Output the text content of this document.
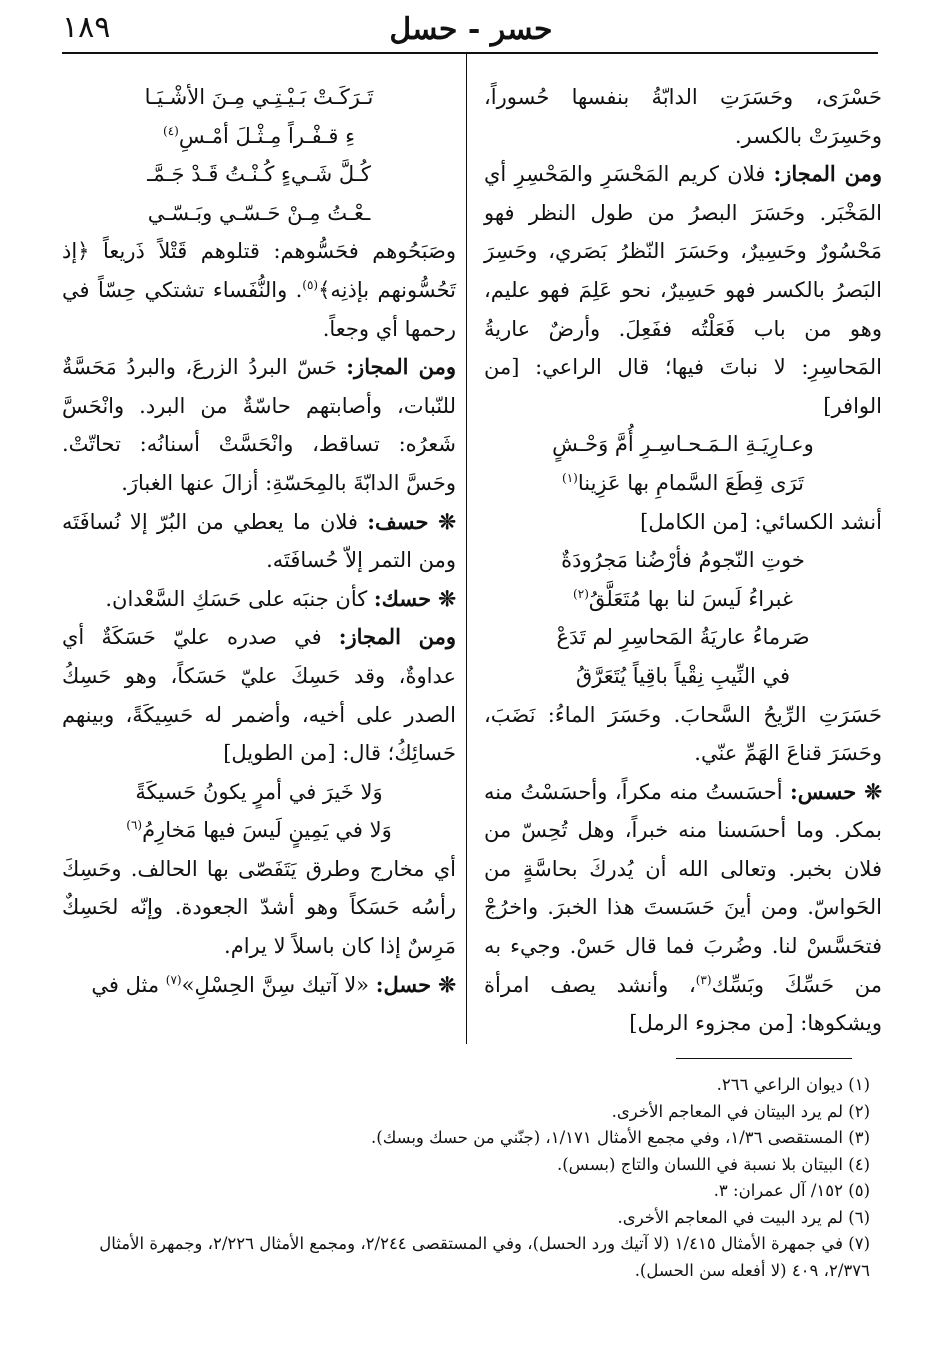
حسر - حسل
١٨٩

حَسْرَى، وحَسَرَتِ الدابّةُ بنفسها حُسوراً، وحَسِرَتْ بالكسر.

ومن المجاز: فلان كريم المَحْسَرِ والمَحْسِرِ أي المَخْبَر. وحَسَرَ البصرُ من طول النظر فهو مَحْسُورٌ وحَسِيرٌ، وحَسَرَ النّظرُ بَصَري، وحَسِرَ البَصرُ بالكسر فهو حَسِيرٌ، نحو عَلِمَ فهو عليم، وهو من باب فَعَلْتُه ففَعِلَ. وأرضٌ عاريةُ المَحاسِرِ: لا نباتَ فيها؛ قال الراعي: [من الوافر]

وعـارِيَـةِ الـمَـحـاسِـرِ أُمَّ وَحْـشٍ
تَرَى قِطَعَ السَّمامِ بها عَزِينا$^{(١)}$

أنشد الكسائي: [من الكامل]

خوتِ النّجومُ فأرْضُنا مَجرُودَةٌ
غبراءُ لَيسَ لنا بها مُتَعَلَّقُ$^{(٢)}$
صَرماءُ عاريَةُ المَحاسِرِ لم تَدَعْ
في النِّيبِ نِقْياً باقِياً يُتَعَرَّقُ

حَسَرَتِ الرِّيحُ السَّحابَ. وحَسَرَ الماءُ: نَضَبَ، وحَسَرَ قناعَ الهَمِّ عنّي.

❊ حسس: أحسَستُ منه مكراً، وأحسَسْتُ منه بمكر. وما أحسَسنا منه خبراً، وهل تُحِسّ من فلان بخبر. وتعالى الله أن يُدركَ بحاسَّةٍ من الحَواسّ. ومن أينَ حَسَستَ هذا الخبرَ. واخرُجْ فتحَسَّسْ لنا. وضُربَ فما قال حَسْ. وجيء به من حَسِّكَ وبَسِّك$^{(٣)}$، وأنشد يصف امرأة ويشكوها: [من مجزوء الرمل]

تَـرَكَـتْ بَـيْـتِـي مِـنَ الأشْـيَـا
ءِ قـفْـراً مِـثْـلَ أمْـسِ$^{(٤)}$
كُـلَّ شَـيءٍ كُـنْـتُ قَـدْ جَـمَّـ
ـعْـتُ مِـنْ حَـسّـي وبَـسّـي

وصَبَحُوهم فحَسُّوهم: قتلوهم قَتْلاً ذَريعاً ﴿إذ تَحُسُّونهم بإذنِه﴾$^{(٥)}$. والنُّفَساء تشتكي حِسّاً في رحمها أي وجعاً.

ومن المجاز: حَسّ البردُ الزرعَ، والبردُ مَحَسَّةٌ للنّبات، وأصابتهم حاسّةٌ من البرد. وانْحَسَّ شَعرُه: تساقط، وانْحَسَّتْ أسنانُه: تحاتّتْ. وحَسَّ الدابّةَ بالمِحَسّةِ: أزالَ عنها الغبارَ.

❊ حسف: فلان ما يعطي من البُرّ إلا نُسافَتَه ومن التمر إلاّ حُسافَتَه.

❊ حسك: كأن جنبَه على حَسَكِ السَّعْدان.

ومن المجاز: في صدره عليّ حَسَكَةٌ أي عداوةٌ، وقد حَسِكَ عليّ حَسَكاً، وهو حَسِكُ الصدر على أخيه، وأضمر له حَسِيكَةً، وبينهم حَسائِكُ؛ قال: [من الطويل]

وَلا خَيرَ في أمرٍ يكونُ حَسيكَةً
وَلا في يَمِينٍ لَيسَ فيها مَخارِمُ$^{(٦)}$

أي مخارج وطرق يَتَفَصّى بها الحالف. وحَسِكَ رأسُه حَسَكاً وهو أشدّ الجعودة. وإنّه لحَسِكٌ مَرِسٌ إذا كان باسلاً لا يرام.

❊ حسل: «لا آتيك سِنَّ الحِسْلِ»$^{(٧)}$ مثل في

(١) ديوان الراعي ٢٦٦.

(٢) لم يرد البيتان في المعاجم الأخرى.

(٣) المستقصى ١/٣٦، وفي مجمع الأمثال ١/١٧١، (جنّني من حسك وبسك).

(٤) البيتان بلا نسبة في اللسان والتاج (بسس).

(٥) ١٥٢/ آل عمران: ٣.

(٦) لم يرد البيت في المعاجم الأخرى.

(٧) في جمهرة الأمثال ١/٤١٥ (لا آتيك ورد الحسل)، وفي المستقصى ٢/٢٤٤، ومجمع الأمثال ٢/٢٢٦، وجمهرة الأمثال

٢/٣٧٦، ٤٠٩ (لا أفعله سن الحسل).
